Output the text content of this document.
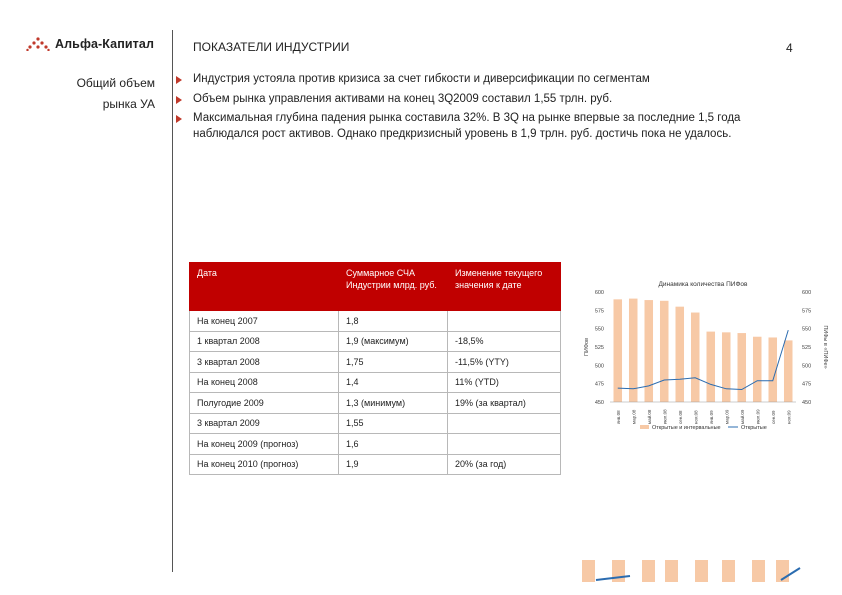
Альфа-Капитал	ПОКАЗАТЕЛИ ИНДУСТРИИ	4
Общий объем рынка УА
Индустрия устояла против кризиса за счет гибкости и диверсификации по сегментам
Объем рынка управления активами на конец 3Q2009 составил 1,55 трлн. руб.
Максимальная глубина падения рынка составила 32%. В 3Q на рынке впервые за последние 1,5 года наблюдался рост активов. Однако предкризисный уровень в 1,9 трлн. руб. достичь пока не удалось.
Дата	Суммарное СЧА Индустрии млрд. руб.	Изменение текущего значения к дате
На конец 2007	1,8	
1 квартал 2008	1,9 (максимум)	-18,5%
3 квартал 2008	1,75	-11,5% (YTY)
На конец 2008	1,4	11% (YTD)
Полугодие 2009	1,3 (минимум)	19% (за квартал)
3 квартал 2009	1,55	
На конец 2009 (прогноз)	1,6	
На конец 2010 (прогноз)	1,9	20% (за год)
Динамика количества ПИФов
600
575
550
525
500
475
450
600
575
550
525
500
475
450
ПИФов	ПИФы в «ПИФе»
янв.08 мар.08 май.08 июл.08 сен.08 ноя.08 янв.09 мар.09 май.09 июл.09 сен.09 ноя.09
Открытые и интервальные	Открытые
